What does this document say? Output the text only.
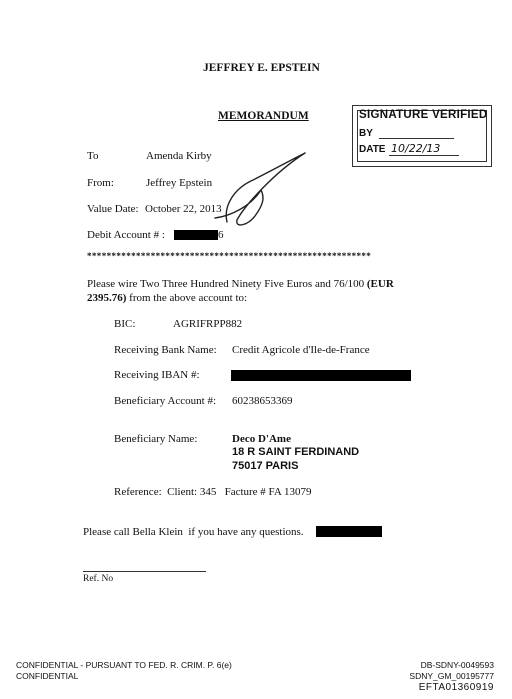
JEFFREY E. EPSTEIN
MEMORANDUM	SIGNATURE VERIFIED
BY
DATE 10/22/13
To	Amenda Kirby
From:	Jeffrey Epstein
Value Date: October 22, 2013
Debit Account # :	6
**********************************************************
Please wire Two Three Hundred Ninety Five Euros and 76/100 (EUR
2395.76) from the above account to:
BIC:	AGRIFRPP882
Receiving Bank Name: Credit Agricole d'Ile-de-France
Receiving IBAN #:
Beneficiary Account #: 60238653369
Beneficiary Name:	Deco D'Ame
18 R SAINT FERDINAND
75017 PARIS
Reference:  Client: 345   Facture # FA 13079
Please call Bella Klein  if you have any questions.
Ref. No
CONFIDENTIAL - PURSUANT TO FED. R. CRIM. P. 6(e)
CONFIDENTIAL
DB-SDNY-0049593
SDNY_GM_00195777
EFTA01360919
